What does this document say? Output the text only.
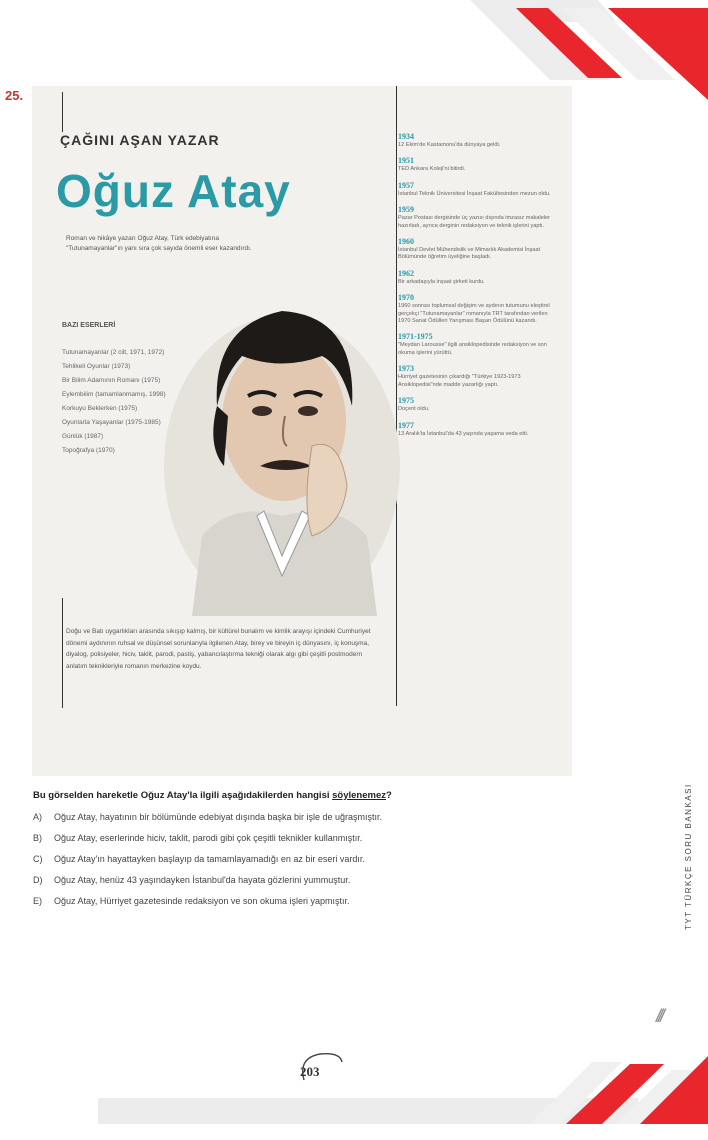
25.
ÇAĞINI AŞAN YAZAR
Oğuz Atay
Roman ve hikâye yazarı Oğuz Atay, Türk edebiyatına "Tutunamayanlar"ın yanı sıra çok sayıda önemli eser kazandırdı.
BAZI ESERLERİ
Tutunamayanlar (2 cilt, 1971, 1972)
Tehlikeli Oyunlar (1973)
Bir Bilim Adamının Romanı (1975)
Eylembilim (tamamlanmamış, 1998)
Korkuyu Beklerken (1975)
Oyunlarla Yaşayanlar (1975-1985)
Günlük (1987)
Topoğrafya (1970)
Doğu ve Batı uygarlıkları arasında sıkışıp kalmış, bir kültürel bunalım ve kimlik arayışı içindeki Cumhuriyet dönemi aydınının ruhsal ve düşünsel sorunlarıyla ilgilenen Atay, birey ve bireyin iç dünyasını, iç konuşma, diyalog, polisiyeler, hiciv, taklit, parodi, pastiş, yabancılaştırma tekniği olarak algı gibi çeşitli postmodern anlatım teknikleriyle romanın merkezine koydu.
1934
12 Ekim'de Kastamonu'da dünyaya geldi.
1951
TED Ankara Koleji'ni bitirdi.
1957
İstanbul Teknik Üniversitesi İnşaat Fakültesinden mezun oldu.
1959
Pazar Postası dergisinde üç yazısı dışında imzasız makaleler hazırladı, ayrıca derginin redaksiyon ve teknik işlerini yaptı.
1960
İstanbul Devlet Mühendislik ve Mimarlık Akademisi İnşaat Bölümünde öğretim üyeliğine başladı.
1962
Bir arkadaşıyla inşaat şirketi kurdu.
1970
1960 sonrası toplumsal değişim ve aydının tutumunu eleştirel gerçekçi "Tutunamayanlar" romanıyla TRT tarafından verilen 1970 Sanat Ödülleri Yarışması Başarı Ödülünü kazandı.
1971-1975
"Meydan Larousse" ilgili ansiklopedisinde redaksiyon ve son okuma işlerini yürüttü.
1973
Hürriyet gazetesinin çıkardığı "Türkiye 1923-1973 Ansiklopedisi"nde madde yazarlığı yaptı.
1975
Doçent oldu.
1977
13 Aralık'ta İstanbul'da 43 yaşında yaşama veda etti.
Bu görselden hareketle Oğuz Atay'la ilgili aşağıdakilerden hangisi söylenemez?
A)	Oğuz Atay, hayatının bir bölümünde edebiyat dışında başka bir işle de uğraşmıştır.
B)	Oğuz Atay, eserlerinde hiciv, taklit, parodi gibi çok çeşitli teknikler kullanmıştır.
C)	Oğuz Atay'ın hayattayken başlayıp da tamamlayamadığı en az bir eseri vardır.
D)	Oğuz Atay, henüz 43 yaşındayken İstanbul'da hayata gözlerini yummuştur.
E)	Oğuz Atay, Hürriyet gazetesinde redaksiyon ve son okuma işleri yapmıştır.	TYT TÜRKÇE SORU BANKASI
///
203
